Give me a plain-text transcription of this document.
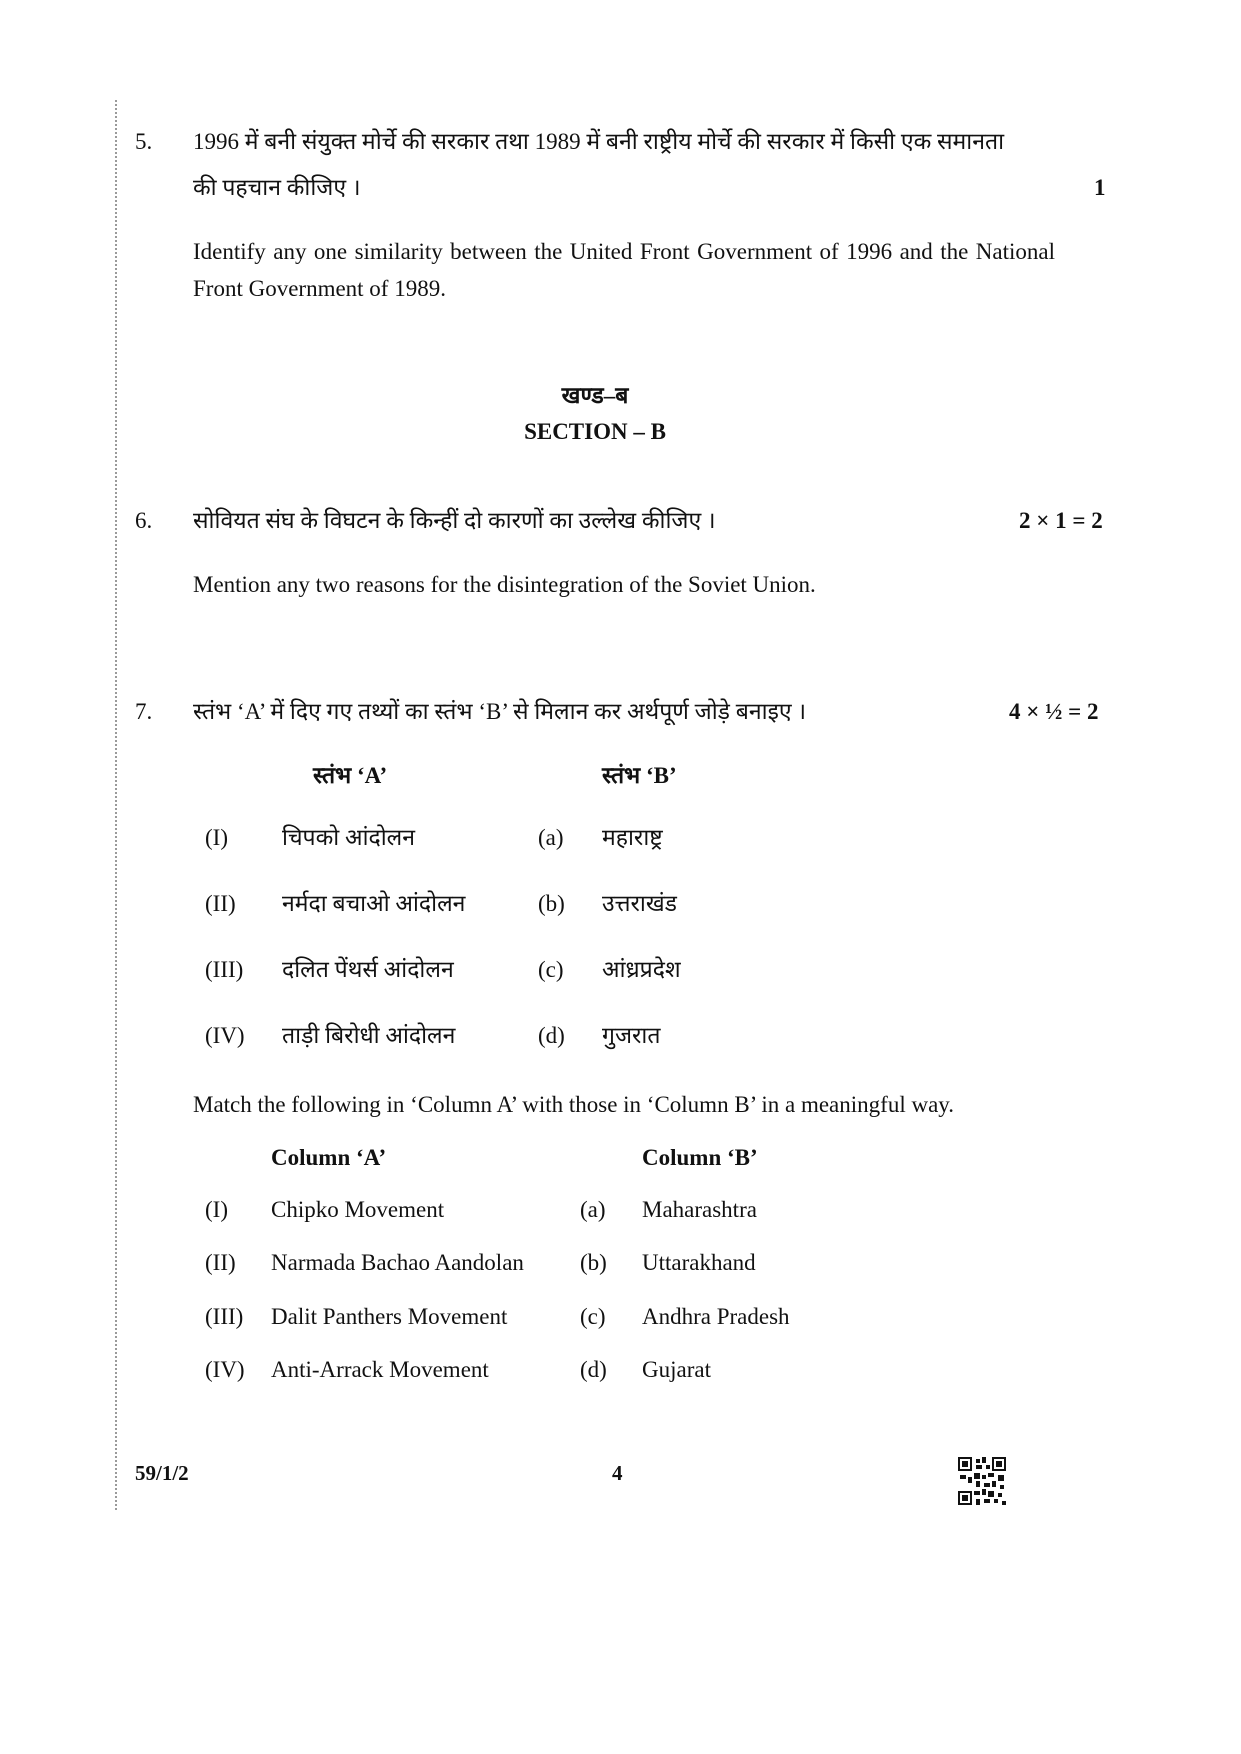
5. 1996 में बनी संयुक्त मोर्चे की सरकार तथा 1989 में बनी राष्ट्रीय मोर्चे की सरकार में किसी एक समानता
की पहचान कीजिए ।	1
Identify any one similarity between the United Front Government of 1996 and the National Front Government of 1989.
खण्ड–ब
SECTION – B
6. सोवियत संघ के विघटन के किन्हीं दो कारणों का उल्लेख कीजिए ।	2 × 1 = 2
Mention any two reasons for the disintegration of the Soviet Union.
7. स्तंभ ‘A’ में दिए गए तथ्यों का स्तंभ ‘B’ से मिलान कर अर्थपूर्ण जोड़े बनाइए ।	4 × ½ = 2
स्तंभ ‘A’	स्तंभ ‘B’
(I) चिपको आंदोलन	(a) महाराष्ट्र
(II) नर्मदा बचाओ आंदोलन	(b) उत्तराखंड
(III) दलित पेंथर्स आंदोलन	(c) आंध्रप्रदेश
(IV) ताड़ी बिरोधी आंदोलन	(d) गुजरात
Match the following in ‘Column A’ with those in ‘Column B’ in a meaningful way.
Column ‘A’	Column ‘B’
(I) Chipko Movement	(a) Maharashtra
(II) Narmada Bachao Aandolan (b) Uttarakhand
(III) Dalit Panthers Movement	(c) Andhra Pradesh
(IV) Anti-Arrack Movement	(d) Gujarat
59/1/2	4
